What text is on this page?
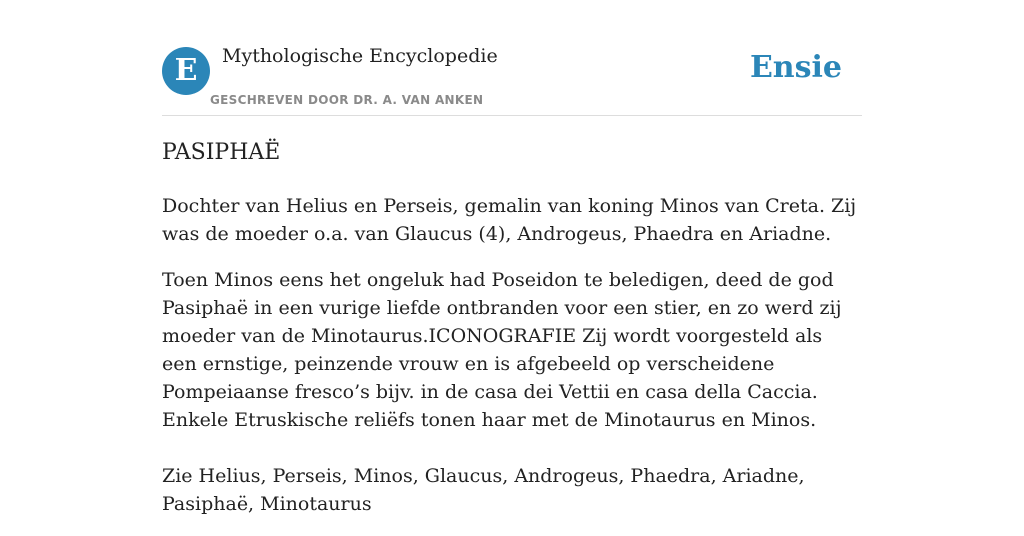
E	Mythologische Encyclopedie
GESCHREVEN DOOR DR. A. VAN ANKEN
Ensie
PASIPHAË

Dochter van Helius en Perseis, gemalin van koning Minos van Creta. Zij was de moeder o.a. van Glaucus (4), Androgeus, Phaedra en Ariadne.

Toen Minos eens het ongeluk had Poseidon te beledigen, deed de god Pasiphaë in een vurige liefde ontbranden voor een stier, en zo werd zij moeder van de Minotaurus.ICONOGRAFIE Zij wordt voorgesteld als een ernstige, peinzende vrouw en is afgebeeld op verscheidene Pompeiaanse fresco’s bijv. in de casa dei Vettii en casa della Caccia. Enkele Etruskische reliëfs tonen haar met de Minotaurus en Minos.

Zie Helius, Perseis, Minos, Glaucus, Androgeus, Phaedra, Ariadne, Pasiphaë, Minotaurus
